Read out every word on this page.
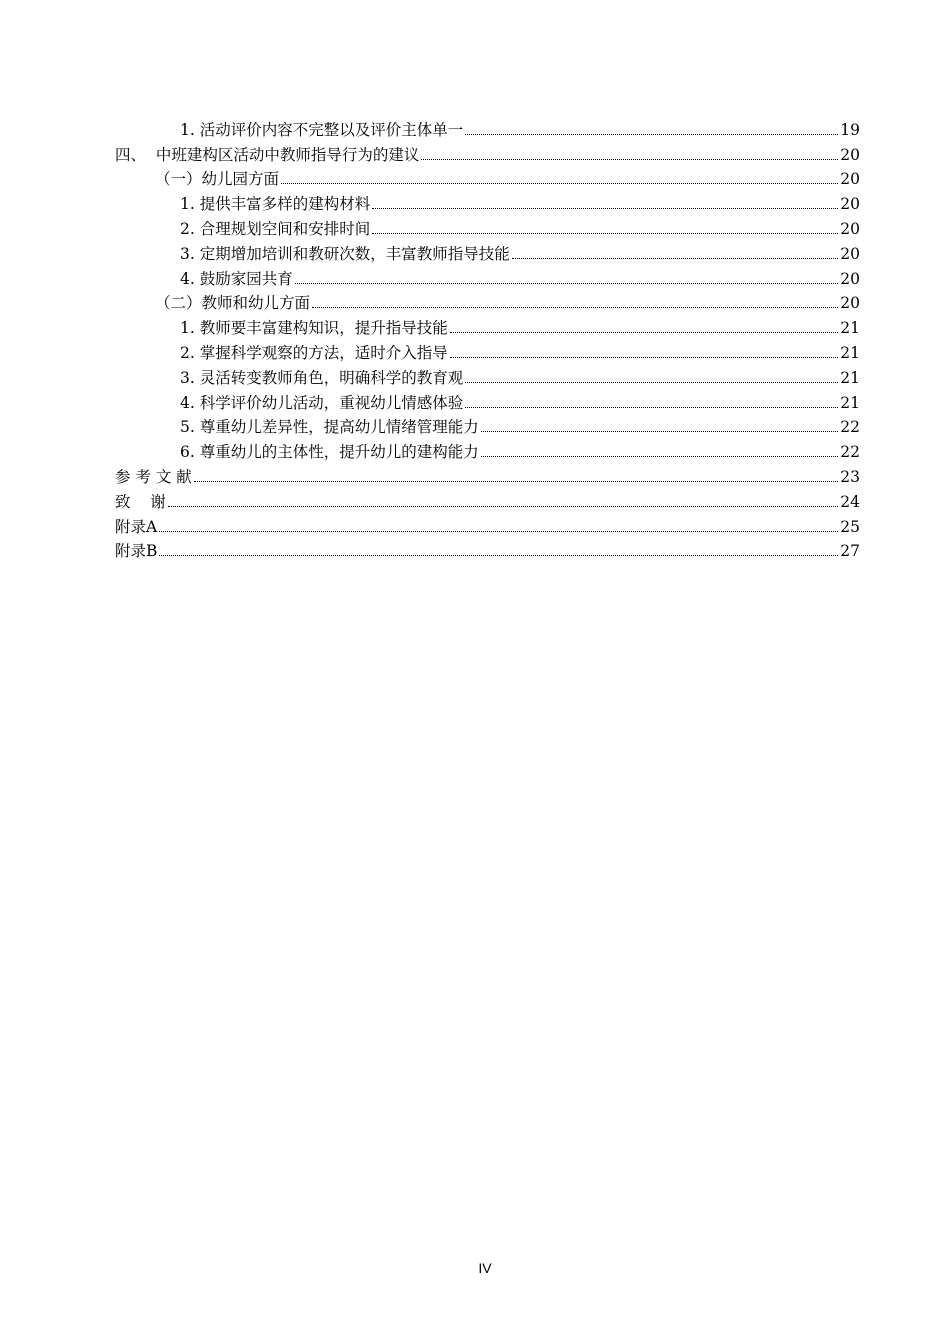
1. 活动评价内容不完整以及评价主体单一	19
四、  中班建构区活动中教师指导行为的建议	20
（一）幼儿园方面	20
1. 提供丰富多样的建构材料	20
2. 合理规划空间和安排时间	20
3. 定期增加培训和教研次数，丰富教师指导技能	20
4. 鼓励家园共育	20
（二）教师和幼儿方面	20
1. 教师要丰富建构知识，提升指导技能	21
2. 掌握科学观察的方法，适时介入指导	21
3. 灵活转变教师角色，明确科学的教育观	21
4. 科学评价幼儿活动，重视幼儿情感体验	21
5. 尊重幼儿差异性，提高幼儿情绪管理能力	22
6. 尊重幼儿的主体性，提升幼儿的建构能力	22
参 考 文 献	23
致    谢	24
附录A	25
附录B	27
IV
